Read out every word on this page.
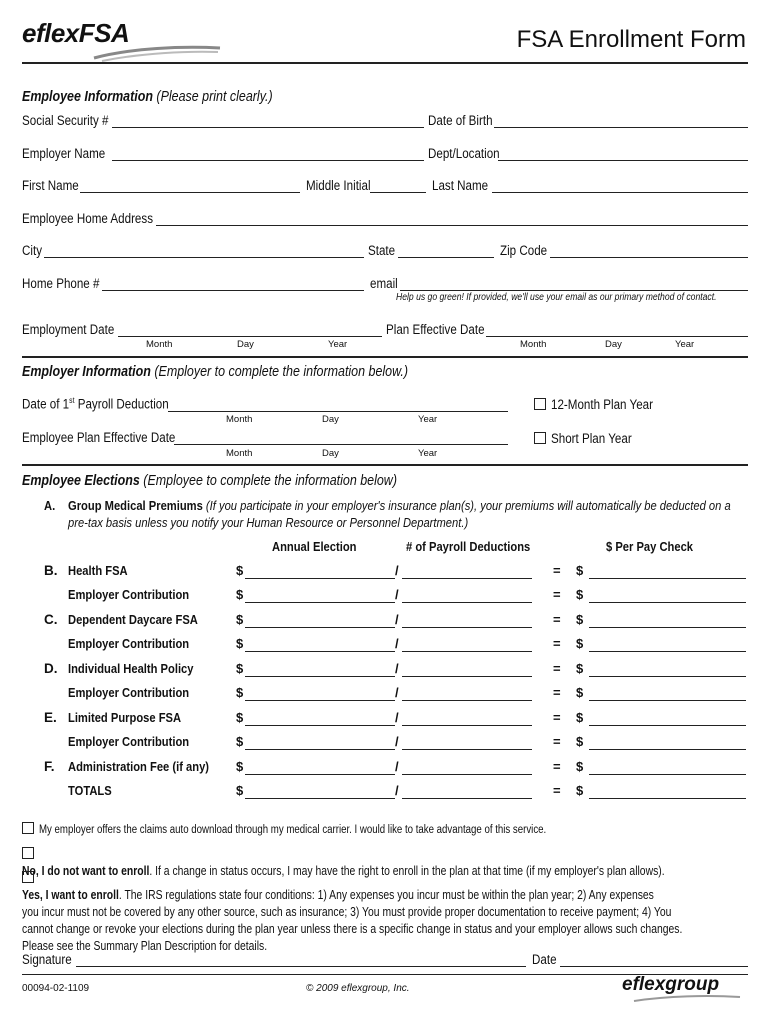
eflexFSA	FSA Enrollment Form
Employee Information (Please print clearly.)
Social Security #	Date of Birth
Employer Name	Dept/Location
First Name	Middle Initial	Last Name
Employee Home Address
City	State	Zip Code
Home Phone #	email
Help us go green! If provided, we'll use your email as our primary method of contact.
Employment Date	Plan Effective Date
Month	Day	Year	Month	Day	Year
Employer Information (Employer to complete the information below.)
Date of 1st Payroll Deduction
Month	Day	Year
12-Month Plan Year
Employee Plan Effective Date
Month	Day	Year
Short Plan Year
Employee Elections (Employee to complete the information below)
A. Group Medical Premiums (If you participate in your employer's insurance plan(s), your premiums will automatically be deducted on a
pre-tax basis unless you notify your Human Resource or Personnel Department.)
Annual Election	# of Payroll Deductions	$ Per Pay Check
B. Health FSA	$	/	= $
Employer Contribution	$	/	= $
C. Dependent Daycare FSA	$	/	= $
Employer Contribution	$	/	= $
D. Individual Health Policy	$	/	= $
Employer Contribution	$	/	= $
E. Limited Purpose FSA	$	/	= $
Employer Contribution	$	/	= $
F. Administration Fee (if any)	$	/	= $
TOTALS	$	/	= $
My employer offers the claims auto download through my medical carrier. I would like to take advantage of this service.
No, I do not want to enroll. If a change in status occurs, I may have the right to enroll in the plan at that time (if my employer's plan allows).
Yes, I want to enroll. The IRS regulations state four conditions: 1) Any expenses you incur must be within the plan year; 2) Any expenses
you incur must not be covered by any other source, such as insurance; 3) You must provide proper documentation to receive payment; 4) You
cannot change or revoke your elections during the plan year unless there is a specific change in status and your employer allows such changes.
Please see the Summary Plan Description for details.
Signature	Date
00094-02-1109	© 2009 eflexgroup, Inc.	eflexgroup
